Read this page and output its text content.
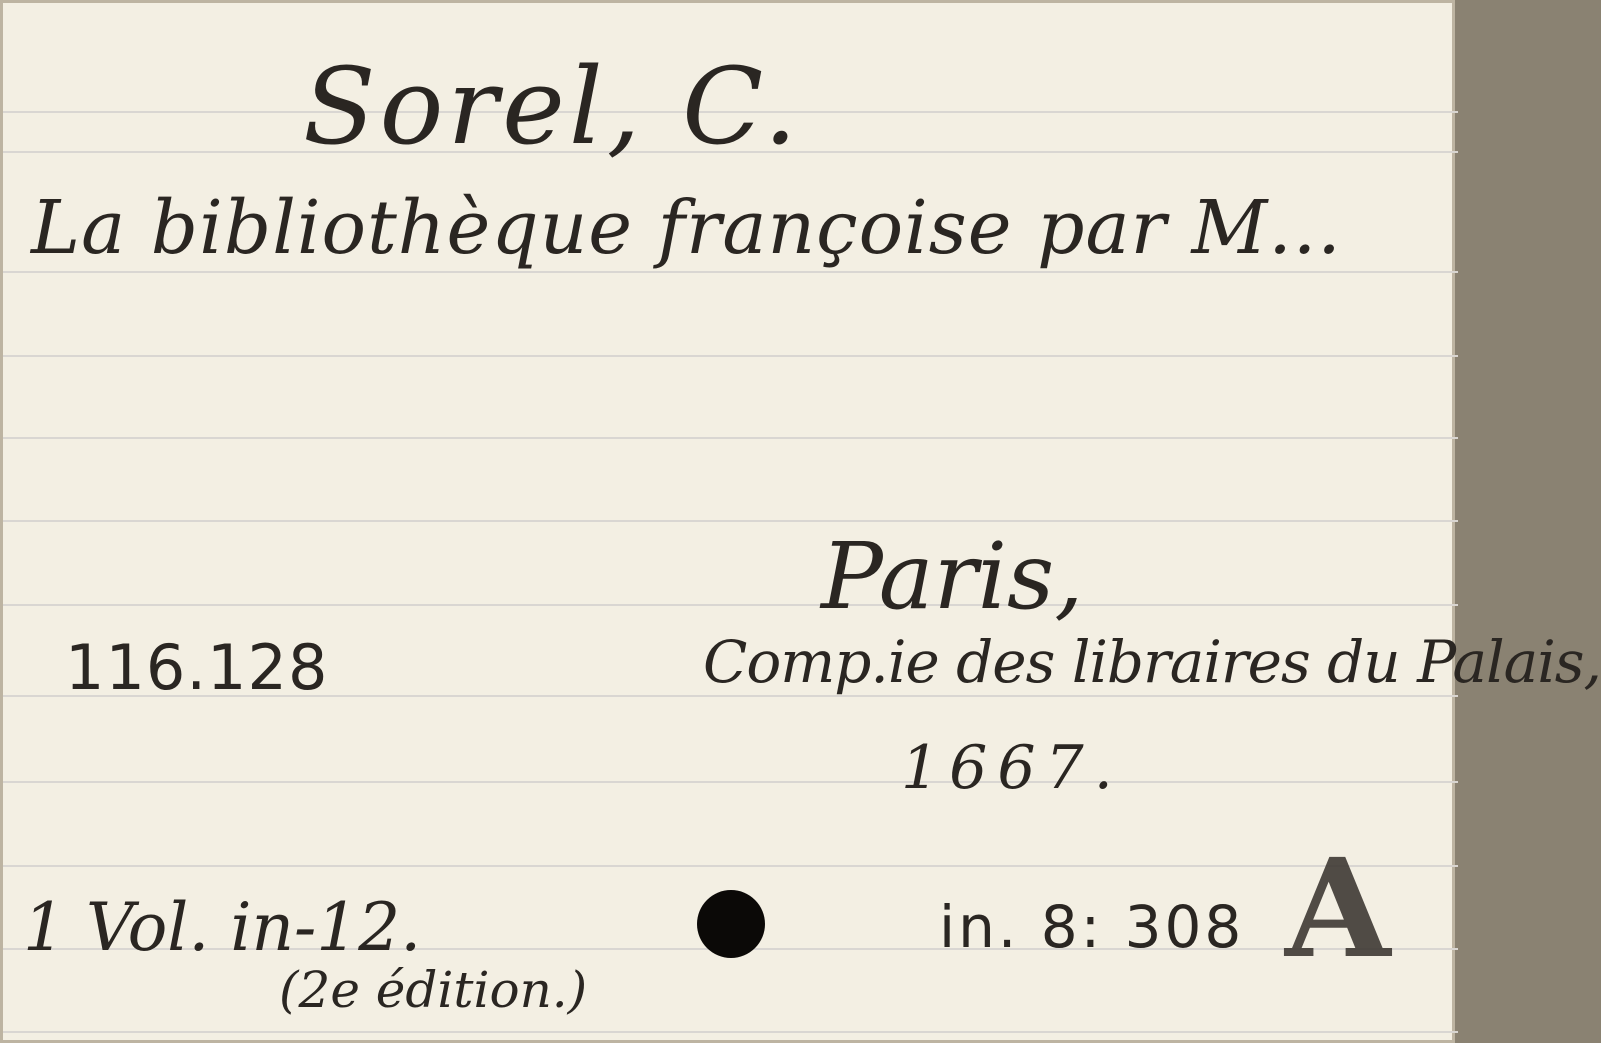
Sorel, C.
La bibliothèque françoise par M...
Paris,
Comp.ie des libraires du Palais,
1667.
116.128
1 Vol. in-12.
(2e édition.)
in. 8: 308 A
